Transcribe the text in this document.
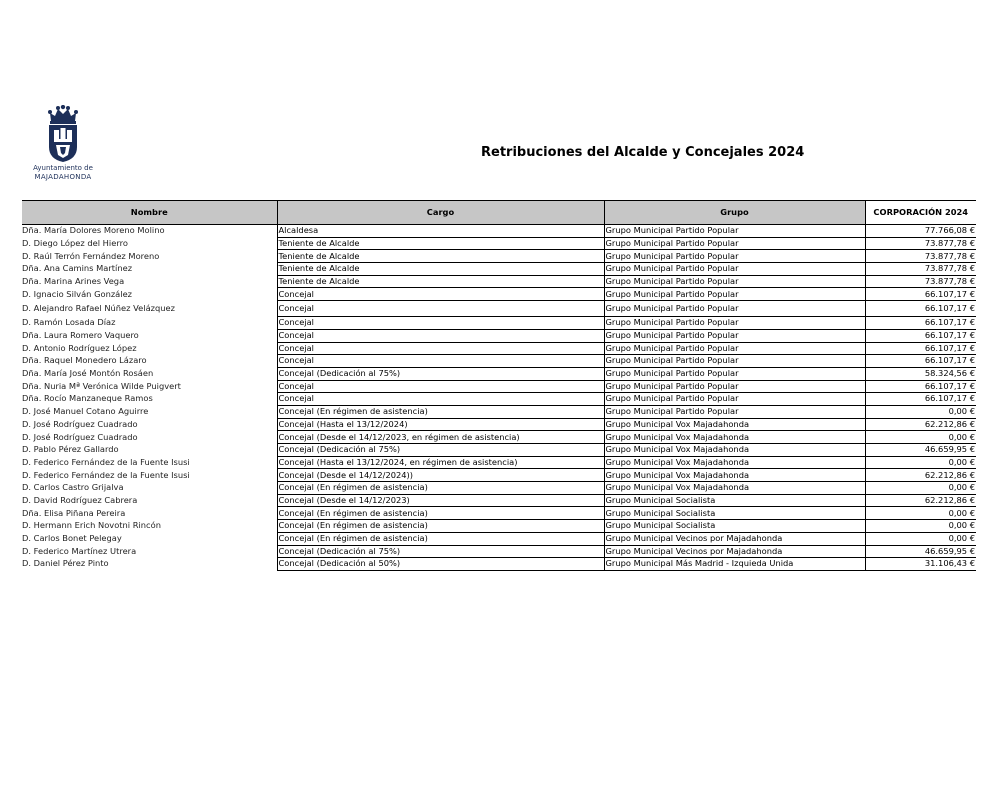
Ayuntamiento de
MAJADAHONDA
Retribuciones del Alcalde y Concejales 2024
Nombre	Cargo	Grupo	CORPORACIÓN 2024
Dña. María Dolores Moreno Molino	Alcaldesa	Grupo Municipal Partido Popular	77.766,08 €
D. Diego López del Hierro	Teniente de Alcalde	Grupo Municipal Partido Popular	73.877,78 €
D. Raúl Terrón Fernández Moreno	Teniente de Alcalde	Grupo Municipal Partido Popular	73.877,78 €
Dña. Ana Camins Martínez	Teniente de Alcalde	Grupo Municipal Partido Popular	73.877,78 €
Dña. Marina Arines Vega	Teniente de Alcalde	Grupo Municipal Partido Popular	73.877,78 €
D. Ignacio Silván González	Concejal	Grupo Municipal Partido Popular	66.107,17 €
D. Alejandro Rafael Núñez Velázquez	Concejal	Grupo Municipal Partido Popular	66.107,17 €
D. Ramón Losada Díaz	Concejal	Grupo Municipal Partido Popular	66.107,17 €
Dña. Laura Romero Vaquero	Concejal	Grupo Municipal Partido Popular	66.107,17 €
D. Antonio Rodríguez López	Concejal	Grupo Municipal Partido Popular	66.107,17 €
Dña. Raquel Monedero Lázaro	Concejal	Grupo Municipal Partido Popular	66.107,17 €
Dña. María José Montón Rosáen	Concejal (Dedicación al 75%)	Grupo Municipal Partido Popular	58.324,56 €
Dña. Nuria Mª Verónica Wilde Puigvert	Concejal	Grupo Municipal Partido Popular	66.107,17 €
Dña. Rocío Manzaneque Ramos	Concejal	Grupo Municipal Partido Popular	66.107,17 €
D. José Manuel Cotano Aguirre	Concejal (En régimen de asistencia)	Grupo Municipal Partido Popular	0,00 €
D. José Rodríguez Cuadrado	Concejal (Hasta el 13/12/2024)	Grupo Municipal Vox Majadahonda	62.212,86 €
D. José Rodríguez Cuadrado	Concejal (Desde el 14/12/2023, en régimen de asistencia)	Grupo Municipal Vox Majadahonda	0,00 €
D. Pablo Pérez Gallardo	Concejal (Dedicación al 75%)	Grupo Municipal Vox Majadahonda	46.659,95 €
D. Federico Fernández de la Fuente Isusi	Concejal (Hasta el 13/12/2024, en régimen de asistencia)	Grupo Municipal Vox Majadahonda	0,00 €
D. Federico Fernández de la Fuente Isusi	Concejal (Desde el 14/12/2024))	Grupo Municipal Vox Majadahonda	62.212,86 €
D. Carlos Castro Grijalva	Concejal (En régimen de asistencia)	Grupo Municipal Vox Majadahonda	0,00 €
D. David Rodríguez Cabrera	Concejal (Desde el 14/12/2023)	Grupo Municipal Socialista	62.212,86 €
Dña. Elisa Piñana Pereira	Concejal (En régimen de asistencia)	Grupo Municipal Socialista	0,00 €
D. Hermann Erich Novotni Rincón	Concejal (En régimen de asistencia)	Grupo Municipal Socialista	0,00 €
D. Carlos Bonet Pelegay	Concejal (En régimen de asistencia)	Grupo Municipal Vecinos por Majadahonda	0,00 €
D. Federico Martínez Utrera	Concejal (Dedicación al 75%)	Grupo Municipal Vecinos por Majadahonda	46.659,95 €
D. Daniel Pérez Pinto	Concejal (Dedicación al 50%)	Grupo Municipal Más Madrid - Izquieda Unida	31.106,43 €
